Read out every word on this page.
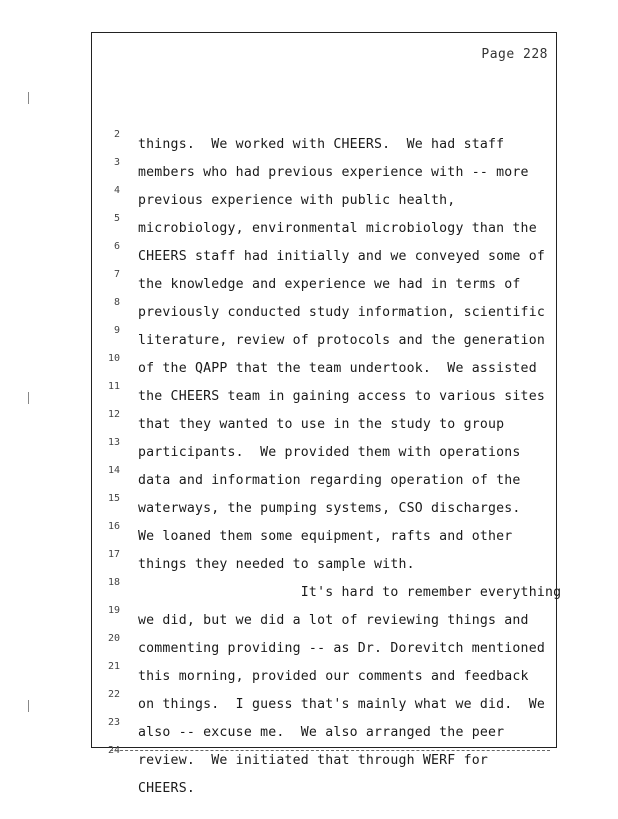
Page 228

things.  We worked with CHEERS.  We had staff

2

members who had previous experience with -- more

3

previous experience with public health,

4

microbiology, environmental microbiology than the

5

CHEERS staff had initially and we conveyed some of

6

the knowledge and experience we had in terms of

7

previously conducted study information, scientific

8

literature, review of protocols and the generation

9

of the QAPP that the team undertook.  We assisted

10

the CHEERS team in gaining access to various sites

11

that they wanted to use in the study to group

12

participants.  We provided them with operations

13

data and information regarding operation of the

14

waterways, the pumping systems, CSO discharges.

15

We loaned them some equipment, rafts and other

16

things they needed to sample with.

17

It's hard to remember everything

18

we did, but we did a lot of reviewing things and

19

commenting providing -- as Dr. Dorevitch mentioned

20

this morning, provided our comments and feedback

21

on things.  I guess that's mainly what we did.  We

22

also -- excuse me.  We also arranged the peer

23

review.  We initiated that through WERF for

24

CHEERS.
